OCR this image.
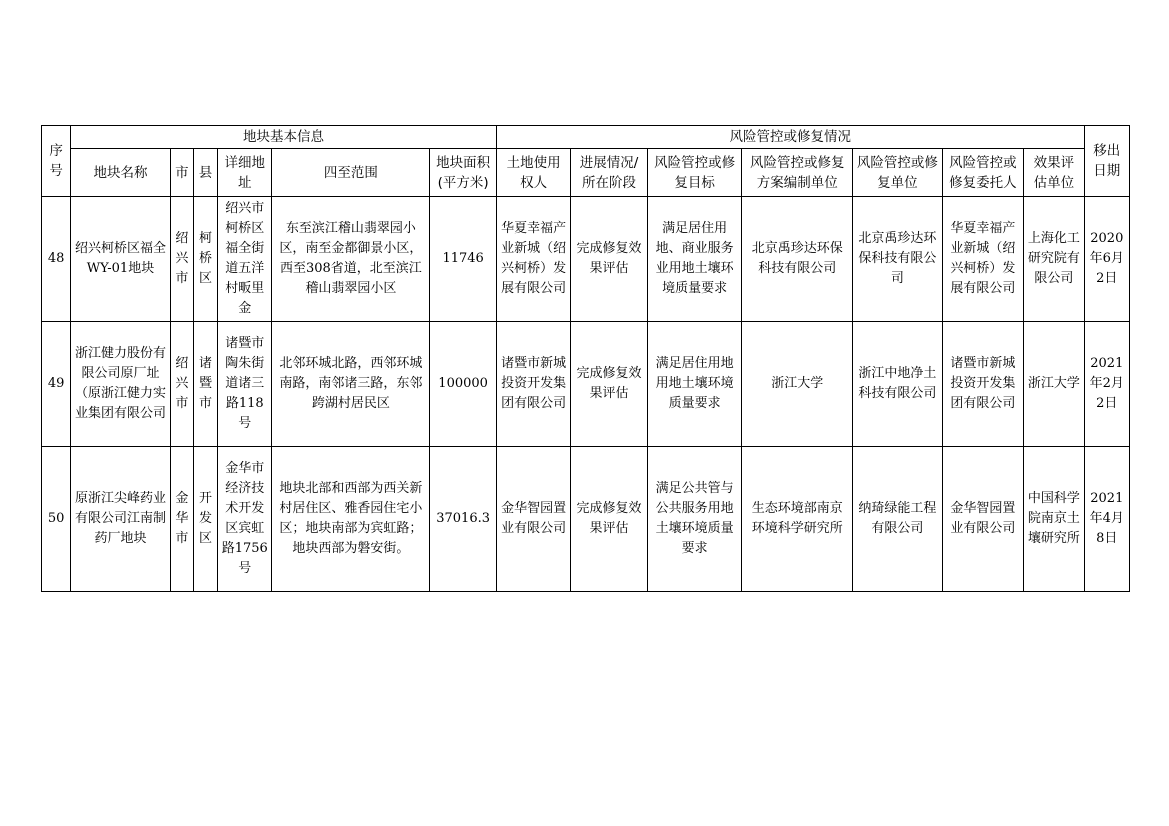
序号	地块基本信息						风险管控或修复情况							移出日期
	地块名称	市	县	详细地址	四至范围	地块面积(平方米)	土地使用权人	进展情况/所在阶段	风险管控或修复目标	风险管控或修复方案编制单位	风险管控或修复单位	风险管控或修复委托人	效果评估单位	
48	绍兴柯桥区福全WY-01地块	绍兴市	柯桥区	绍兴市柯桥区福全街道五洋村畈里金	东至滨江稽山翡翠园小区，南至金都御景小区，西至308省道，北至滨江稽山翡翠园小区	11746	华夏幸福产业新城（绍兴柯桥）发展有限公司	完成修复效果评估	满足居住用地、商业服务业用地土壤环境质量要求	北京禹珍达环保科技有限公司	北京禹珍达环保科技有限公司	华夏幸福产业新城（绍兴柯桥）发展有限公司	上海化工研究院有限公司	2020年6月2日
49	浙江健力股份有限公司原厂址（原浙江健力实业集团有限公司	绍兴市	诸暨市	诸暨市陶朱街道诸三路118号	北邻环城北路，西邻环城南路，南邻诸三路，东邻跨湖村居民区	100000	诸暨市新城投资开发集团有限公司	完成修复效果评估	满足居住用地用地土壤环境质量要求	浙江大学	浙江中地净土科技有限公司	诸暨市新城投资开发集团有限公司	浙江大学	2021年2月2日
50	原浙江尖峰药业有限公司江南制药厂地块	金华市	开发区	金华市经济技术开发区宾虹路1756号	地块北部和西部为西关新村居住区、雅香园住宅小区；地块南部为宾虹路；地块西部为磐安街。	37016.3	金华智园置业有限公司	完成修复效果评估	满足公共管与公共服务用地土壤环境质量要求	生态环境部南京环境科学研究所	纳琦绿能工程有限公司	金华智园置业有限公司	中国科学院南京土壤研究所	2021年4月8日
